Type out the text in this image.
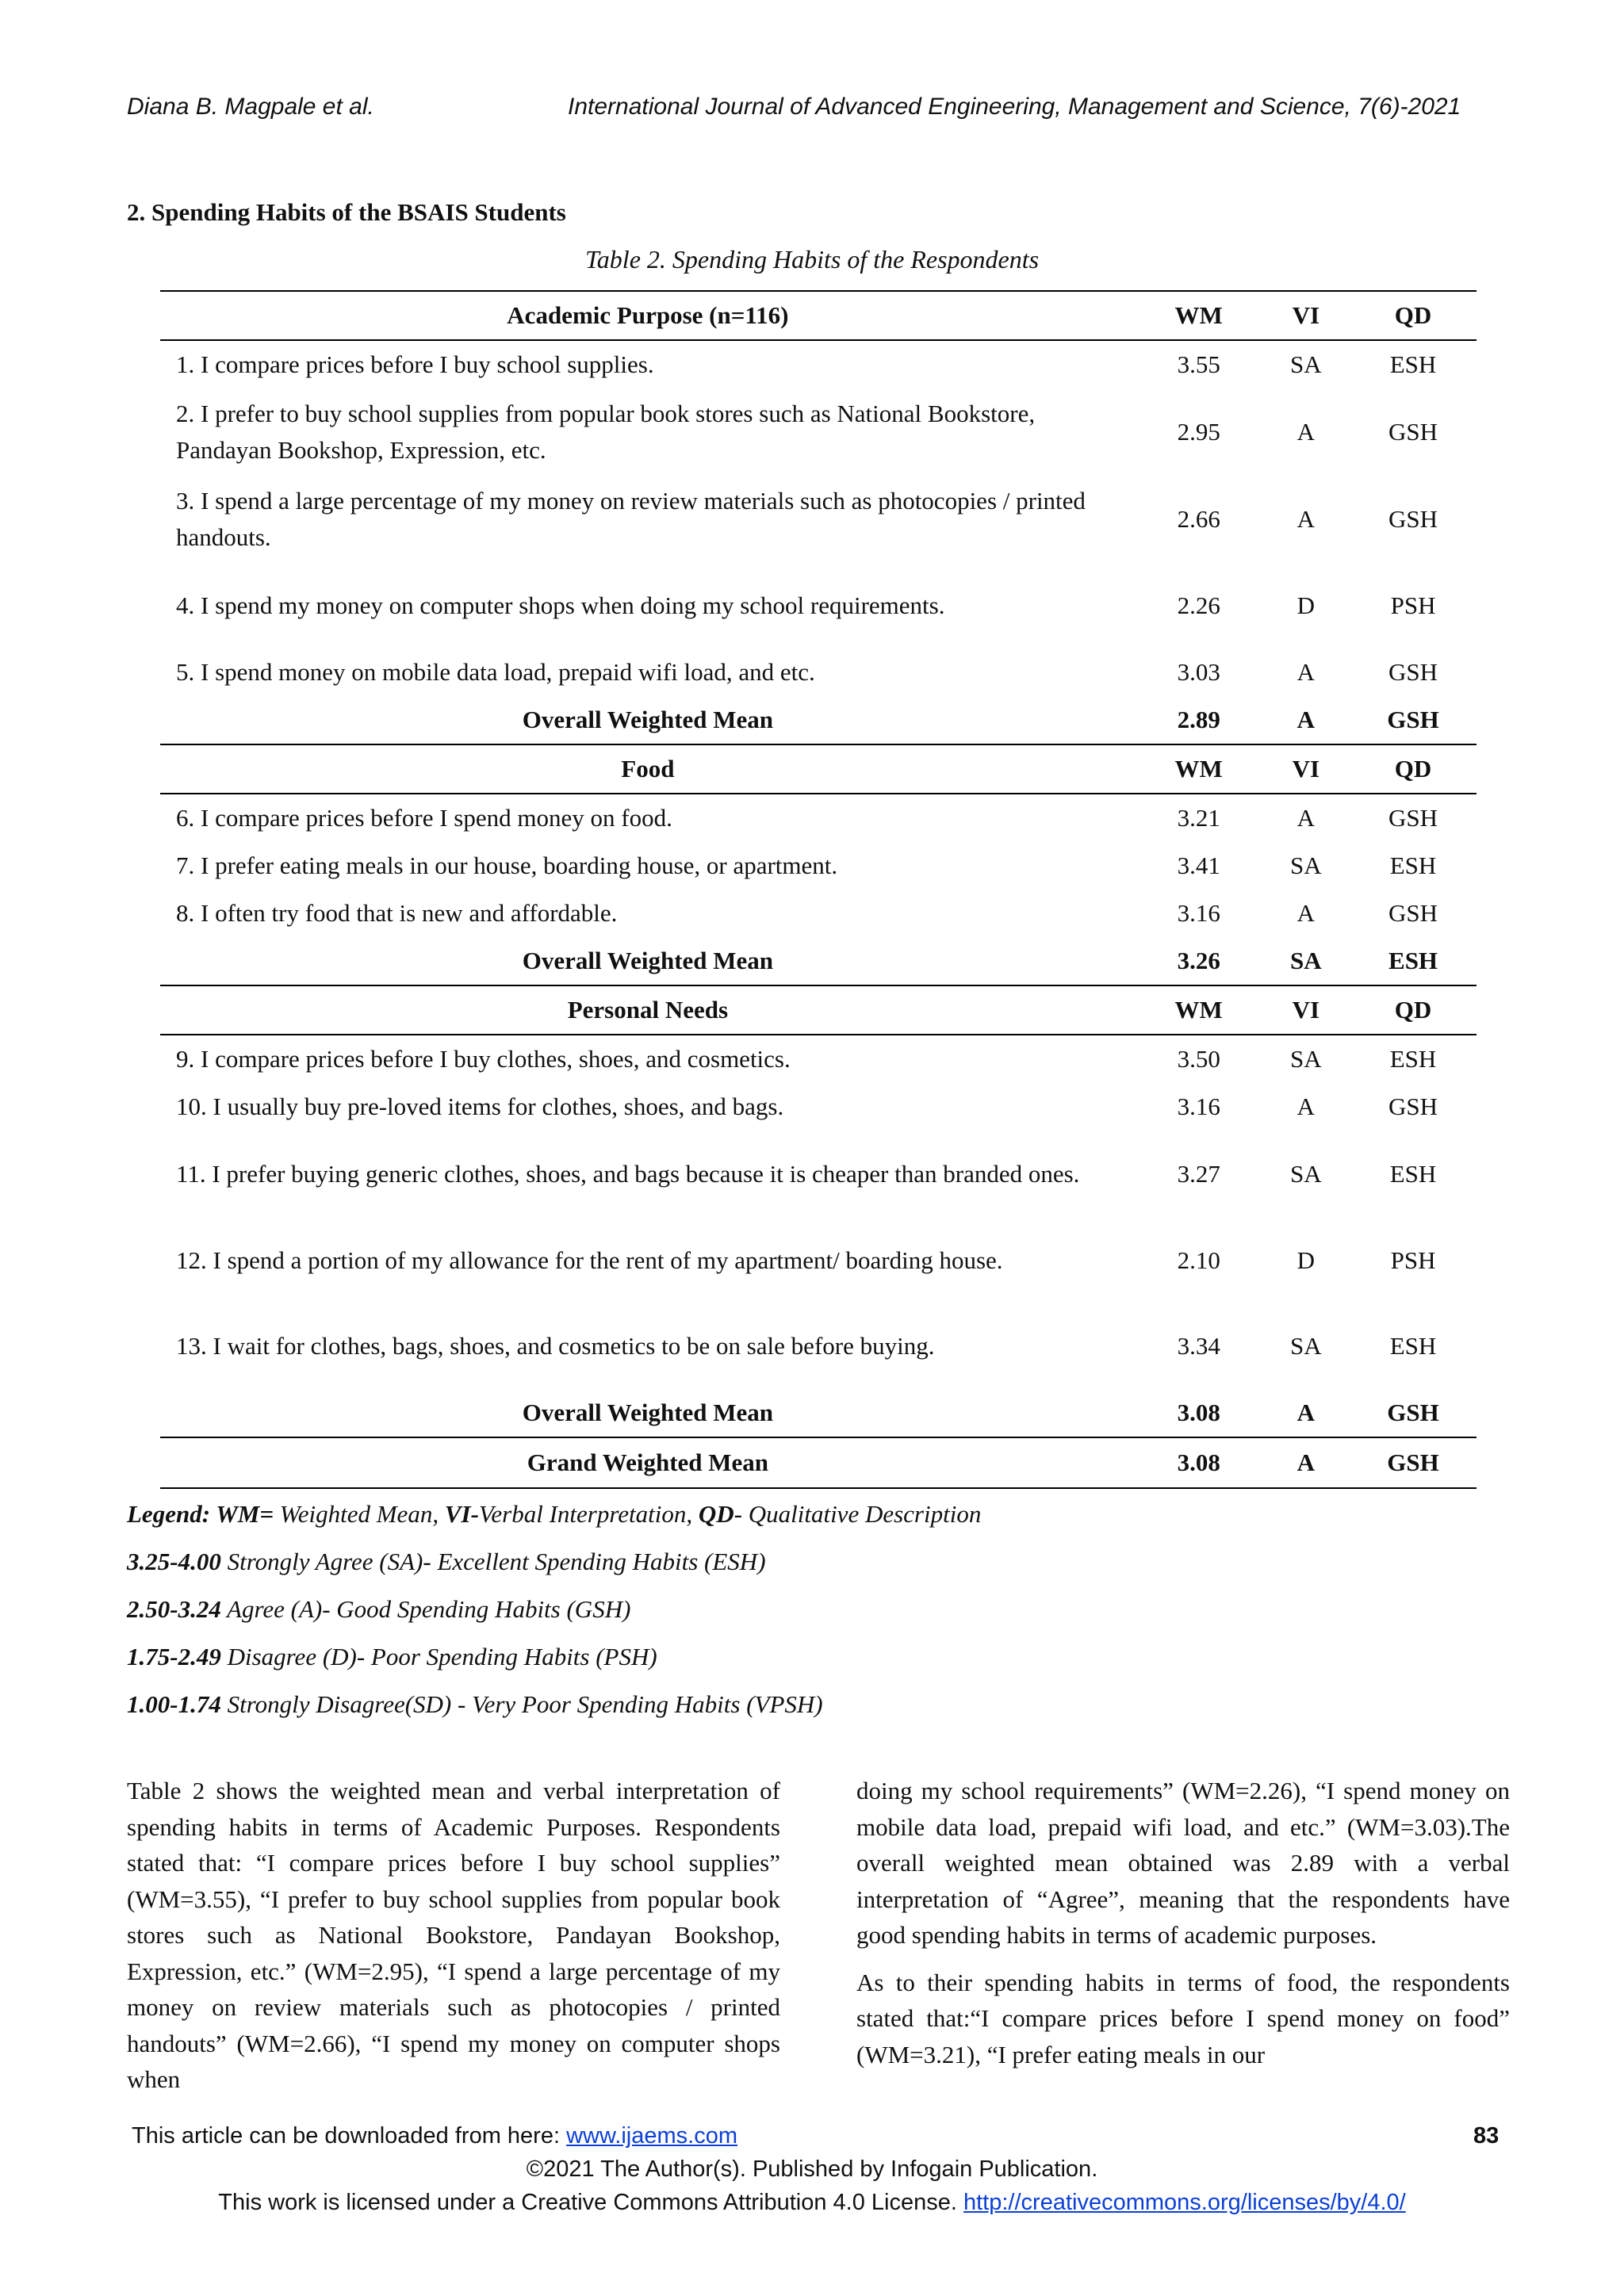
Diana B. Magpale et al.	International Journal of Advanced Engineering, Management and Science, 7(6)-2021
2. Spending Habits of the BSAIS Students
Table 2. Spending Habits of the Respondents
Academic Purpose (n=116)	WM	VI	QD
1. I compare prices before I buy school supplies.	3.55	SA	ESH
2. I prefer to buy school supplies from popular book stores such as National Bookstore, Pandayan Bookshop, Expression, etc.	2.95	A	GSH
3. I spend a large percentage of my money on review materials such as photocopies / printed handouts.	2.66	A	GSH
4. I spend my money on computer shops when doing my school requirements.	2.26	D	PSH
5. I spend money on mobile data load, prepaid wifi load, and etc.	3.03	A	GSH
Overall Weighted Mean	2.89	A	GSH
Food	WM	VI	QD
6. I compare prices before I spend money on food.	3.21	A	GSH
7. I prefer eating meals in our house, boarding house, or apartment.	3.41	SA	ESH
8. I often try food that is new and affordable.	3.16	A	GSH
Overall Weighted Mean	3.26	SA	ESH
Personal Needs	WM	VI	QD
9. I compare prices before I buy clothes, shoes, and cosmetics.	3.50	SA	ESH
10. I usually buy pre-loved items for clothes, shoes, and bags.	3.16	A	GSH
11. I prefer buying generic clothes, shoes, and bags because it is cheaper than branded ones.	3.27	SA	ESH
12. I spend a portion of my allowance for the rent of my apartment/ boarding house.	2.10	D	PSH
13. I wait for clothes, bags, shoes, and cosmetics to be on sale before buying.	3.34	SA	ESH
Overall Weighted Mean	3.08	A	GSH
Grand Weighted Mean	3.08	A	GSH
Legend: WM= Weighted Mean, VI-Verbal Interpretation, QD- Qualitative Description
3.25-4.00 Strongly Agree (SA)- Excellent Spending Habits (ESH)
2.50-3.24 Agree (A)- Good Spending Habits (GSH)
1.75-2.49 Disagree (D)- Poor Spending Habits (PSH)
1.00-1.74 Strongly Disagree(SD) - Very Poor Spending Habits (VPSH)

Table 2 shows the weighted mean and verbal interpretation of spending habits in terms of Academic Purposes. Respondents stated that: “I compare prices before I buy school supplies” (WM=3.55), “I prefer to buy school supplies from popular book stores such as National Bookstore, Pandayan Bookshop, Expression, etc.” (WM=2.95), “I spend a large percentage of my money on review materials such as photocopies / printed handouts” (WM=2.66), “I spend my money on computer shops when

doing my school requirements” (WM=2.26), “I spend money on mobile data load, prepaid wifi load, and etc.” (WM=3.03).The overall weighted mean obtained was 2.89 with a verbal interpretation of “Agree”, meaning that the respondents have good spending habits in terms of academic purposes.

As to their spending habits in terms of food, the respondents stated that:“I compare prices before I spend money on food” (WM=3.21), “I prefer eating meals in our

This article can be downloaded from here: www.ijaems.com	83
©2021 The Author(s). Published by Infogain Publication.
This work is licensed under a Creative Commons Attribution 4.0 License. http://creativecommons.org/licenses/by/4.0/
